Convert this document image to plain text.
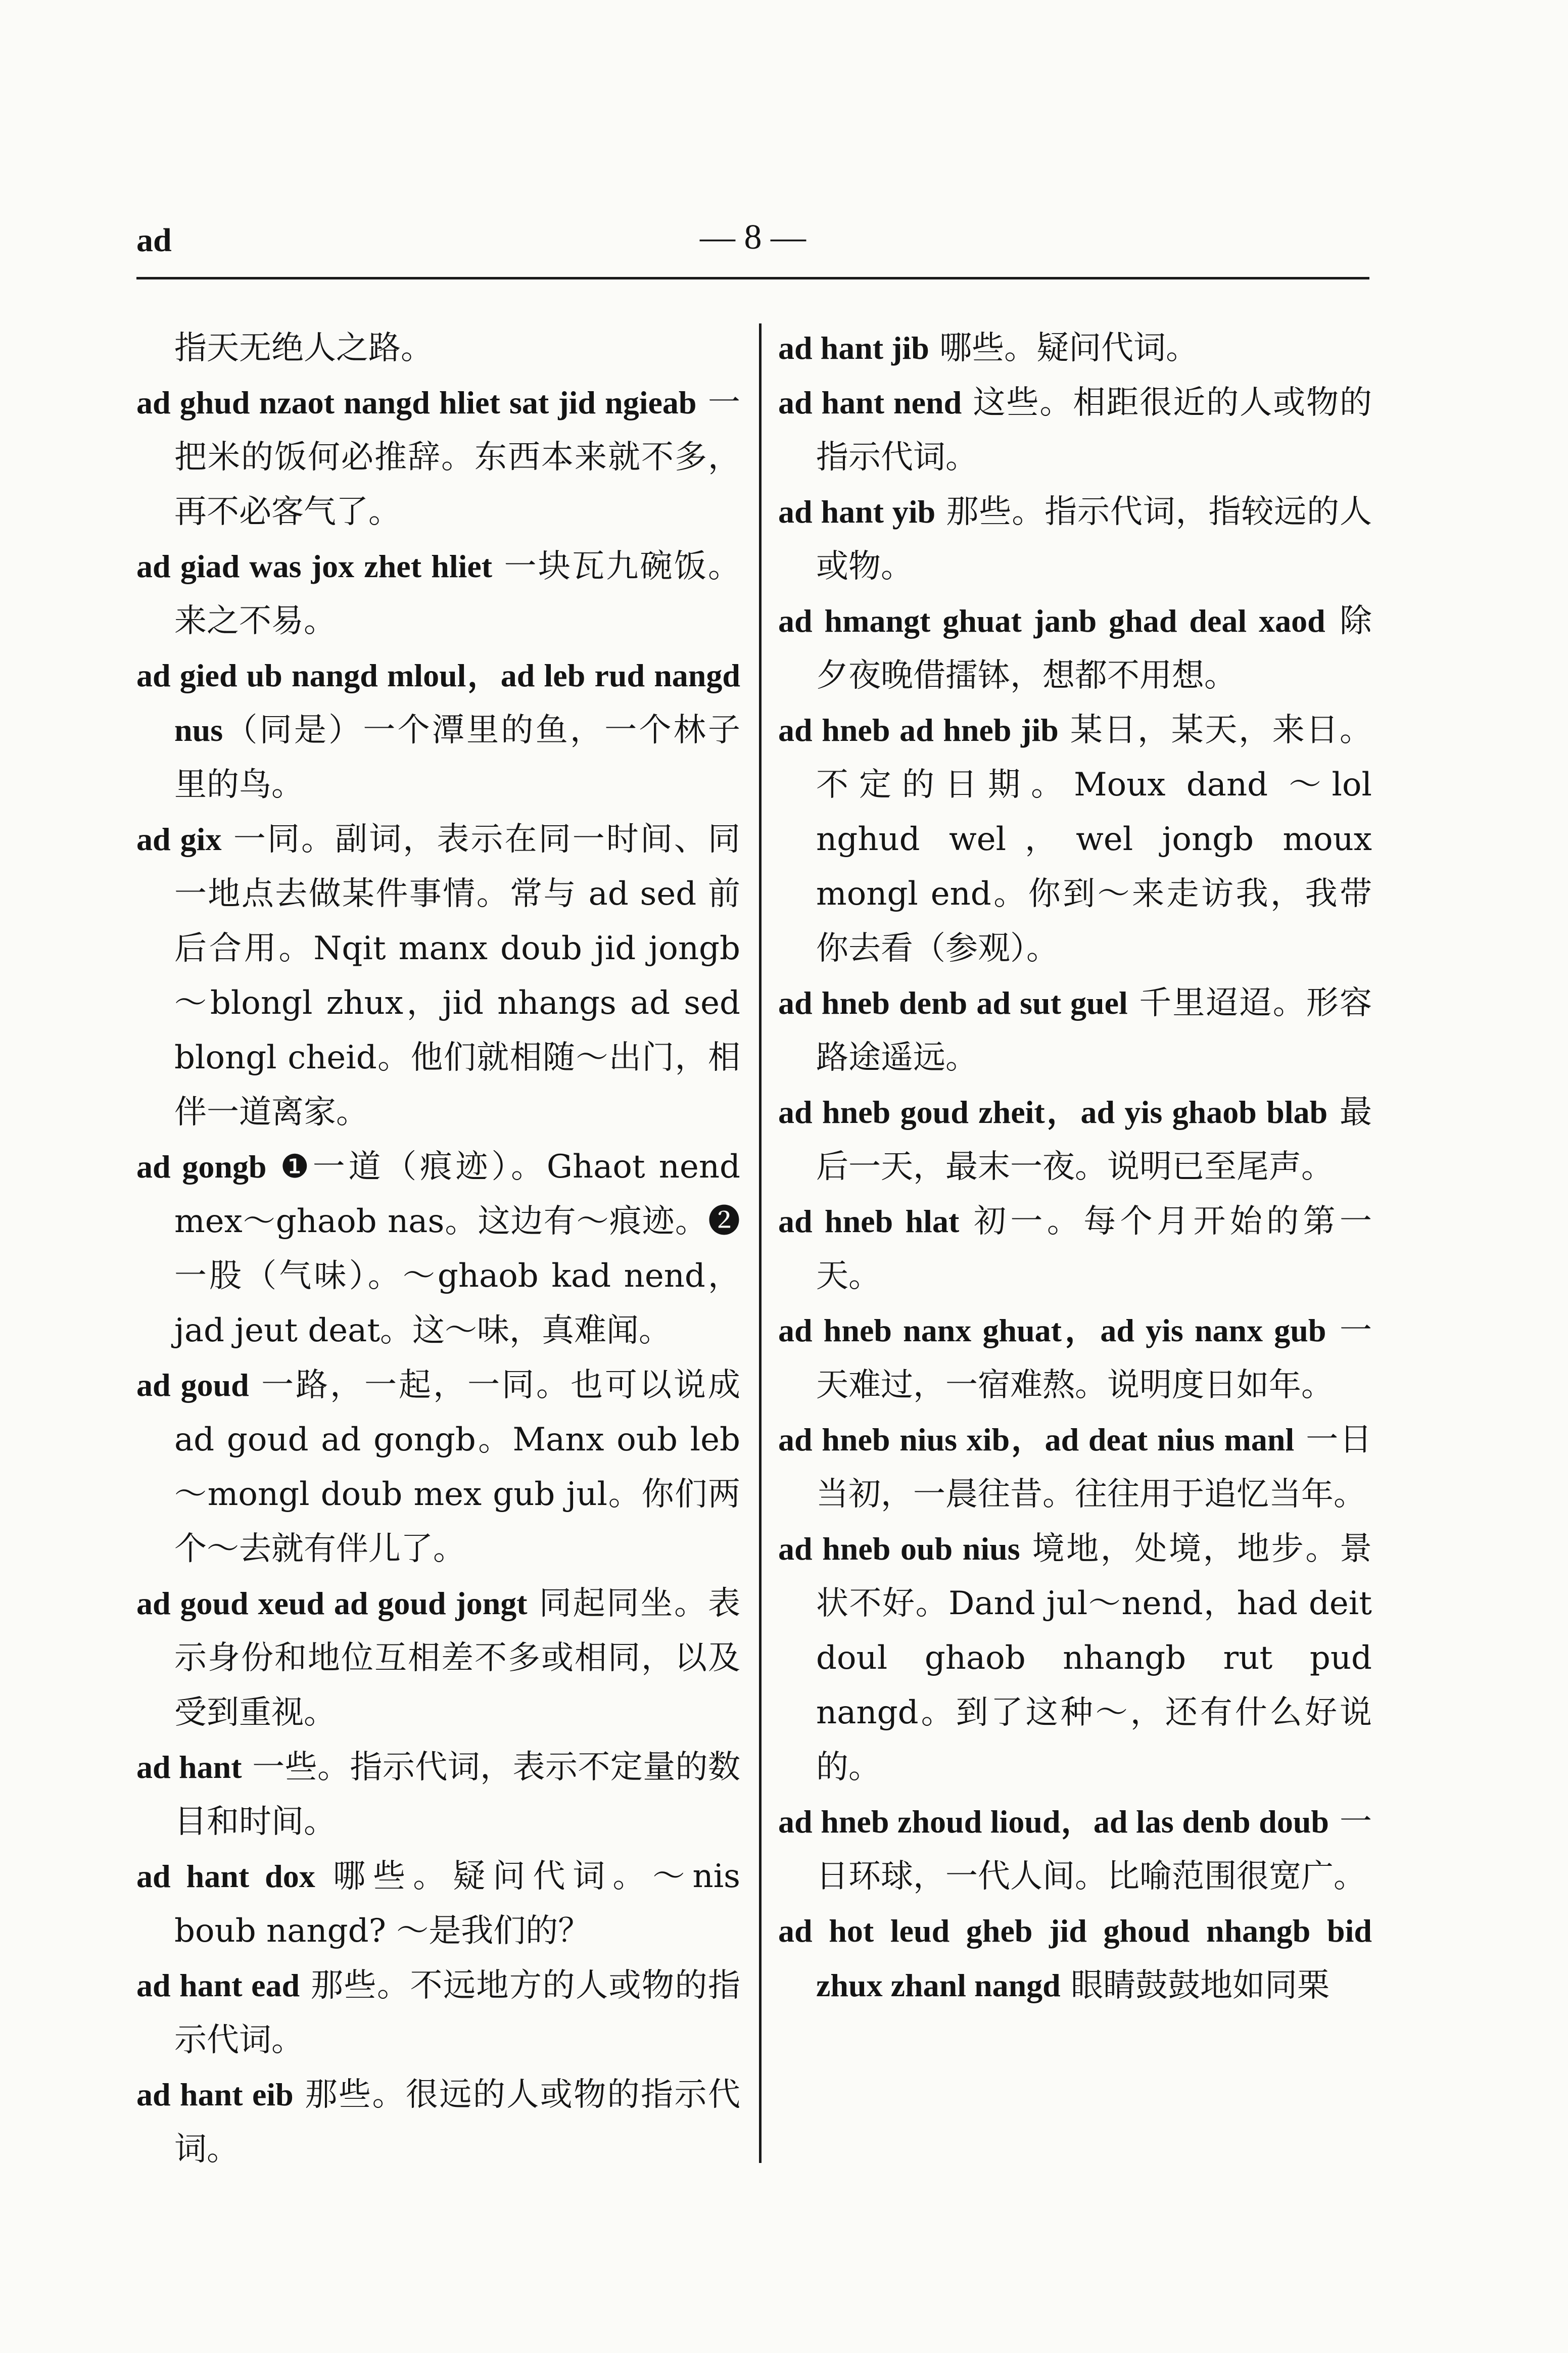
ad	— 8 —
指天无绝人之路。
ad ghud nzaot nangd hliet sat jid ngieab 一把米的饭何必推辞。东西本来就不多，再不必客气了。
ad giad was jox zhet hliet 一块瓦九碗饭。来之不易。
ad gied ub nangd mloul，ad leb rud nangd nus（同是）一个潭里的鱼，一个林子里的鸟。
ad gix 一同。副词，表示在同一时间、同一地点去做某件事情。常与 ad sed 前后合用。Nqit manx doub jid jongb～blongl zhux，jid nhangs ad sed blongl cheid。他们就相随～出门，相伴一道离家。
ad gongb ❶一道（痕迹）。Ghaot nend mex～ghaob nas。这边有～痕迹。❷一股（气味）。～ghaob kad nend，jad jeut deat。这～味，真难闻。
ad goud 一路，一起，一同。也可以说成 ad goud ad gongb。Manx oub leb～mongl doub mex gub jul。你们两个～去就有伴儿了。
ad goud xeud ad goud jongt 同起同坐。表示身份和地位互相差不多或相同，以及受到重视。
ad hant 一些。指示代词，表示不定量的数目和时间。
ad hant dox 哪些。疑问代词。～nis boub nangd? ～是我们的？
ad hant ead 那些。不远地方的人或物的指示代词。
ad hant eib 那些。很远的人或物的指示代词。
ad hant jib 哪些。疑问代词。
ad hant nend 这些。相距很近的人或物的指示代词。
ad hant yib 那些。指示代词，指较远的人或物。
ad hmangt ghuat janb ghad deal xaod 除夕夜晚借擂钵，想都不用想。
ad hneb ad hneb jib 某日，某天，来日。不定的日期。Moux dand ～lol nghud wel，wel jongb moux mongl end。你到～来走访我，我带你去看（参观）。
ad hneb denb ad sut guel 千里迢迢。形容路途遥远。
ad hneb goud zheit，ad yis ghaob blab 最后一天，最末一夜。说明已至尾声。
ad hneb hlat 初一。每个月开始的第一天。
ad hneb nanx ghuat，ad yis nanx gub 一天难过，一宿难熬。说明度日如年。
ad hneb nius xib，ad deat nius manl 一日当初，一晨往昔。往往用于追忆当年。
ad hneb oub nius 境地，处境，地步。景状不好。Dand jul～nend，had deit doul ghaob nhangb rut pud nangd。到了这种～，还有什么好说的。
ad hneb zhoud lioud，ad las denb doub 一日环球，一代人间。比喻范围很宽广。
ad hot leud gheb jid ghoud nhangb bid zhux zhanl nangd 眼睛鼓鼓地如同栗
